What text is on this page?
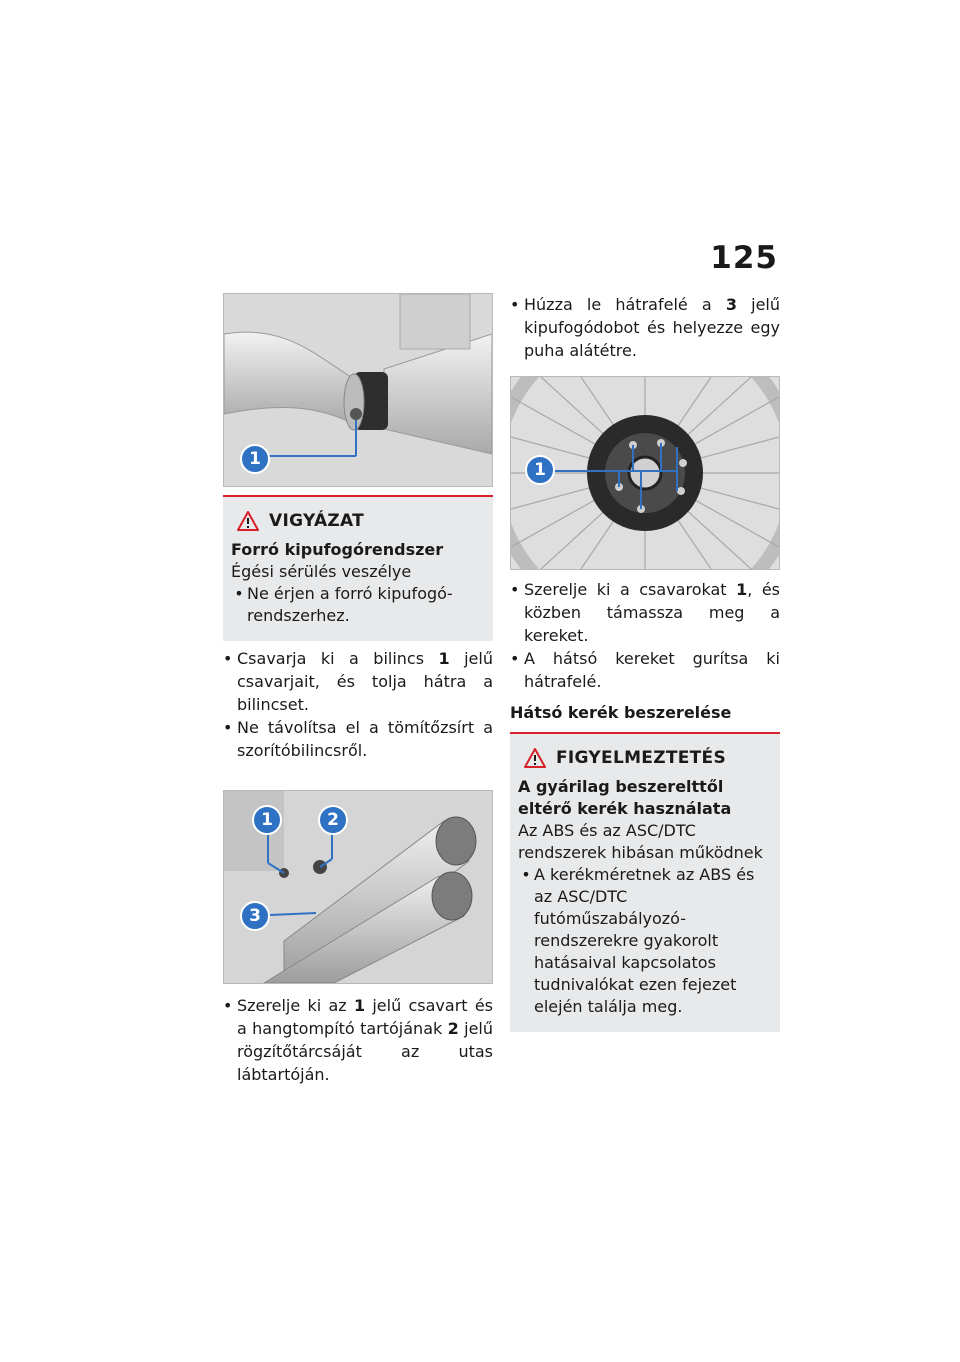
125
1
VIGYÁZAT
Forró kipufogórendszer
Égési sérülés veszélye
• Ne érjen a forró kipufogórendszerhez.

• Csavarja ki a bilincs 1 jelű csavarjait, és tolja hátra a bilincset.

• Ne távolítsa el a tömítőzsírt a szorítóbilincsről.

1	2
3

• Szerelje ki az 1 jelű csavart és a hangtompító tartójának 2 jelű rögzítőtárcsáját az utas lábtartóján.

• Húzza le hátrafelé a 3 jelű kipufogódobot és helyezze egy puha alátétre.

1

• Szerelje ki a csavarokat 1, és közben támassza meg a kereket.

• A hátsó kereket gurítsa ki hátrafelé.

Hátsó kerék beszerelése
FIGYELMEZTETÉS
A gyárilag beszerelttől eltérő kerék használata
Az ABS és az ASC/DTC rendszerek hibásan működnek
• A kerékméretnek az ABS és az ASC/DTC futóműszabályozó-rendszerekre gyakorolt hatásaival kapcsolatos tudnivalókat ezen fejezet elején találja meg.
